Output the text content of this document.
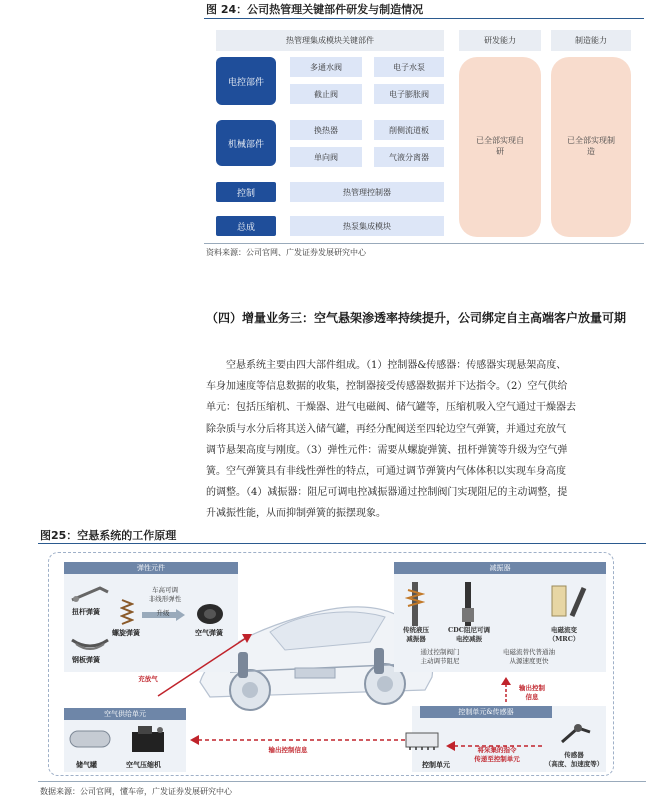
图 24：公司热管理关键部件研发与制造情况
热管理集成模块关键部件	研发能力	制造能力
电控部件
多通水阀	电子水泵
截止阀	电子膨胀阀
机械部件
换热器	削侧流道板
单向阀	气液分离器
控制	热管理控制器
总成	热泵集成模块
已全部实现自研
已全部实现制造
资料来源：公司官网、广发证券发展研究中心
（四）增量业务三：空气悬架渗透率持续提升，公司绑定自主高端客户放量可期
空悬系统主要由四大部件组成。（1）控制器&传感器：传感器实现悬架高度、
车身加速度等信息数据的收集，控制器接受传感器数据并下达指令。（2）空气供给
单元：包括压缩机、干燥器、进气电磁阀、储气罐等，压缩机吸入空气通过干燥器去
除杂质与水分后将其送入储气罐，再经分配阀送至四轮边空气弹簧，并通过充放气
调节悬架高度与刚度。（3）弹性元件：需要从螺旋弹簧、扭杆弹簧等升级为空气弹
簧。空气弹簧具有非线性弹性的特点，可通过调节弹簧内气体体积以实现车身高度
的调整。（4）减振器：阻尼可调电控减振器通过控制阀门实现阻尼的主动调整，提
升减振性能，从而抑制弹簧的振摆现象。
图25：空悬系统的工作原理
弹性元件
扭杆弹簧
螺旋弹簧
钢板弹簧
车高可调
非线形弹性
升级
空气弹簧
充放气
空气供给单元
储气罐	空气压缩机
输出控制信息
减振器
传统液压
减振器
CDC阻尼可调
电控减振
电磁流变
（MRC）
通过控制阀门
主动调节阻尼
电磁流替代普通油
从源速度更快
输出控制
信息
控制单元&传感器
控制单元
将采集的指令
传递至控制单元	传感器
（高度、加速度等）
数据来源：公司官网，懂车帝，广发证券发展研究中心
